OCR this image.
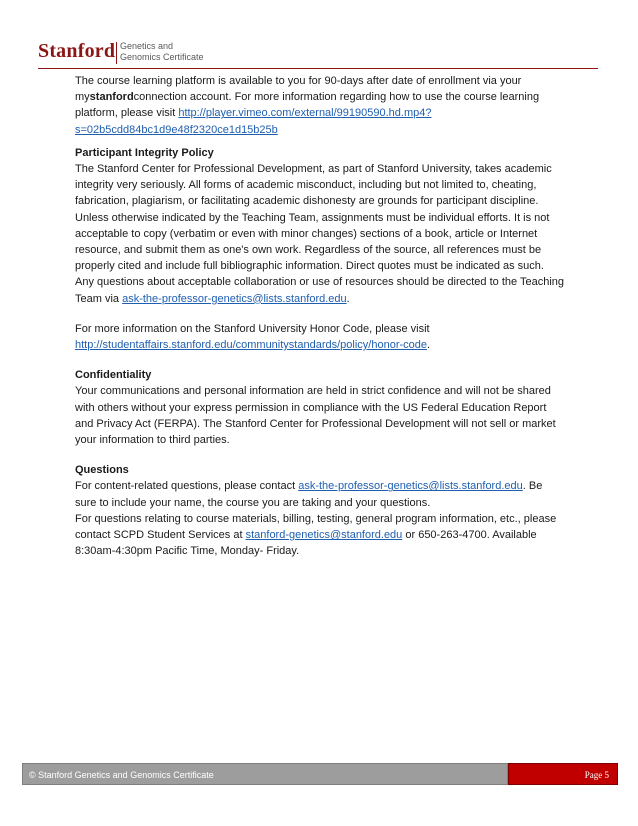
Stanford Genetics and
Genomics Certificate

The course learning platform is available to you for 90-days after date of enrollment via your mystanfordconnection account. For more information regarding how to use the course learning platform, please visit http://player.vimeo.com/external/99190590.hd.mp4?s=02b5cdd84bc1d9e48f2320ce1d15b25b

Participant Integrity Policy

The Stanford Center for Professional Development, as part of Stanford University, takes academic integrity very seriously. All forms of academic misconduct, including but not limited to, cheating, fabrication, plagiarism, or facilitating academic dishonesty are grounds for participant discipline. Unless otherwise indicated by the Teaching Team, assignments must be individual efforts. It is not acceptable to copy (verbatim or even with minor changes) sections of a book, article or Internet resource, and submit them as one's own work. Regardless of the source, all references must be properly cited and include full bibliographic information. Direct quotes must be indicated as such. Any questions about acceptable collaboration or use of resources should be directed to the Teaching Team via ask-the-professor-genetics@lists.stanford.edu.

For more information on the Stanford University Honor Code, please visit http://studentaffairs.stanford.edu/communitystandards/policy/honor-code.

Confidentiality

Your communications and personal information are held in strict confidence and will not be shared with others without your express permission in compliance with the US Federal Education Report and Privacy Act (FERPA). The Stanford Center for Professional Development will not sell or market your information to third parties.

Questions

For content-related questions, please contact ask-the-professor-genetics@lists.stanford.edu. Be sure to include your name, the course you are taking and your questions.

For questions relating to course materials, billing, testing, general program information, etc., please contact SCPD Student Services at stanford-genetics@stanford.edu or 650-263-4700. Available 8:30am-4:30pm Pacific Time, Monday- Friday.

© Stanford Genetics and Genomics Certificate	Page 5
